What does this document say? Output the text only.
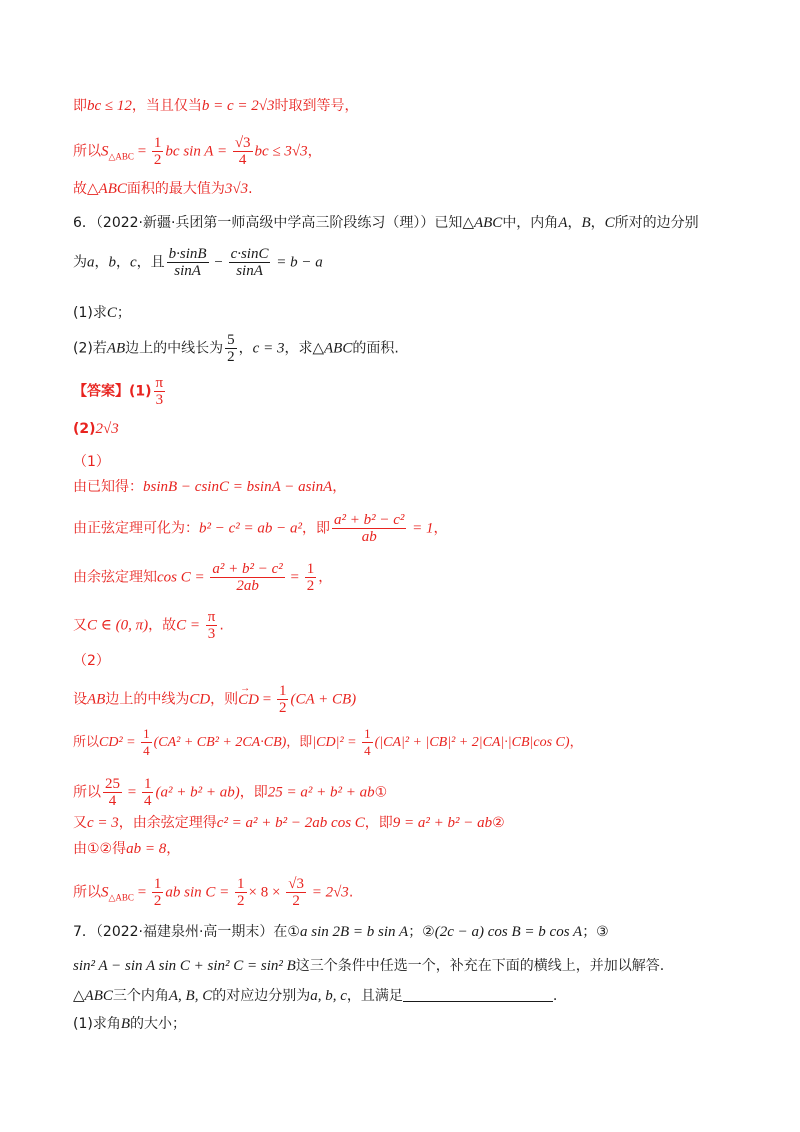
即bc ≤ 12，当且仅当b = c = 2√3时取到等号，
所以$S_{\triangle ABC} = \frac{1}{2}$ bc $\sin A = \frac{√3}{4}$ bc ≤ 3√3，
故△ABC面积的最大值为3√3.
6．（2022·新疆·兵团第一师高级中学高三阶段练习（理））已知△ABC中，内角A，B，C所对的边分别
为a，b，c，且 $\frac{b\cdot\sin B}{\sin A} - \frac{c\cdot\sin C}{\sin A} = b - a$
(1)求C；
(2)若AB边上的中线长为 $\frac{5}{2}$ ，c = 3，求△ABC的面积.
【答案】$(1) \frac{\pi}{3}$
(2)2√3
（1）
由已知得：bsinB − csinC = bsinA − asinA，
由正弦定理可化为：b² − c² = ab − a²，即 $\frac{\text{a² + b² − c²}}{ab} = 1$，
由余弦定理知$\cos C = \frac{\text{a² + b² − c²}}{2ab} = \frac{1}{2}$ ，
又C ∈ (0, π)，故$C = \frac{\pi}{3}$ .
（2）
设AB边上的中线为CD，则→ CD = $\frac{1}{2} (CA + CB)$
所以$CD^2 = \frac{1}{4} (CA^2 + CB^2 + 2CA\cdot CB)$，即$|CD|^2 = \frac{1}{4} (|CA|^2 + |CB|^2 + 2|CA|\cdot|CB|\cos$ C)，
所以 $\frac{25}{4} = \frac{1}{4} (a^2 + b^2 + ab)$，即25 = a² + b² + ab①
又c = 3，由余弦定理得c² = a² + b² − 2ab cos C，即9 = a² + b² − ab②
由①②得ab = 8，
所以$S_{\triangle ABC} = \frac{1}{2}$ ab $\sin C = \frac{1}{2} \times 8 \times \frac{√3}{2} = 2√3$.
7．（2022·福建泉州·高一期末）在①a sin 2B = b sin A；②(2c − a) cos B = b cos A；③
sin² A − sin A sin C + sin² C = sin² B这三个条件中任选一个，补充在下面的横线上，并加以解答.
△ABC三个内角A, B, C的对应边分别为a, b, c，且满足	.
(1)求角B的大小；
